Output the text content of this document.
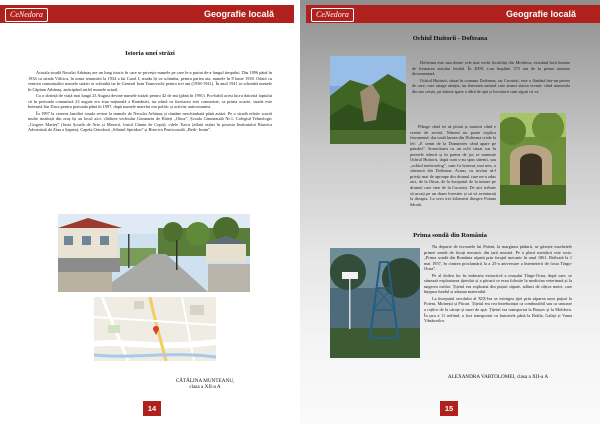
CeNedora	Geografie locală
Istoria unei străzi

Actuala stradă Neculai Arbănaș are un lung istoric în care se privește numele pe care le-a purtat de-a lungul timpului. Din 1896 până în 1934 ca strada Vâlcica, în urma renumirii la 1934 a lui Carol I, strada îți va schimba, pentru partea aia, numele în 8 lunie 1930. Odată cu venirea comuniștilor numele străzii se schimbă iar în General Ioan Tarnovschi pentru trei ani (1938-1941). În anul 1941 se schimbă numele în Căpitan Arbănaș, anticipând astfel numele actual.

Ca o dorință de viață mai lungă 23 August devine numele străzii pentru 42 de ani (până în 1991). Pro-babil acest lucru datorită faptului că în perioada comunistă 23 august era ziua națională a României, iar odată cu încetarea erei comuniste, ca prima ocazie, strada este botezată Ion Duca pentru perioada până în 1997, după numele marelui om politic și activist anticomunist.

În 1997 la cererea familiei strada revine la numele de Neculai Arbănaș și rămâne neschimbată până astăzi. Pe o stradă relativ scurtă multe instituții din oraș își au locul aici: clădirea vechiului Gimnaziu de Băieți „Oituz”, Școala Gimnazială Nr.1, Colegiul Tehnologic „Grigore Marteș” (fosta Școală de Arte și Meserii, fostul Cămin de Copii), vilele Turcu (aflată astăzi în posesia Institutului Biserica Adventistă de Ziua a Șaptea), Capela Ortodoxă „Sfântul Spiridon” și Biserica Penticostală „Beth- Iesim”.

CĂTĂLINA MUNTEANU,
clasa a XII-a A
14
CeNedora	Geografie locală
Ochiul Huitorii - Dofteana

Dofteana este una dintre cele mai vechi localități din Moldova, existând încă înainte de formarea statului feudal. În 2009, s-au împlinit 573 ani de la prima atestare documentară.

Ochiul Huitorii, situat în comuna Dofteana, sat Cucuieți, este o fântână într-un perete de care, care atrage atenția, un fenomen natural care atunci starea vremii: când umezeala din aer crește, pe stâncă apare o dâră de apă și locuitorii sunt siguri că va

Plânge când iei să plouă și maiestr când e vreme de secetă. Nimeni nu poate explica fenomenul, dar toată lumea din Dofteana crede la fel: „E semn de la Dumnezeu când apare pe pământ”. Sonoritatea cu un ochi situat sus în peretele stâncii și în partea de jos se numește Ochiul Huitorii, după cum s-au spus sătenii, sau „ochiul meteorolog”, cum l-a botezat, mai nou, o săteancă din Dofteana. Acum, cu invitat să-l priviți mai de aproape din drumul care ne-a adus aici, de la Oituz, de la începutul de la intrare pe drumul care vine de la Cucuieți. De aici trebuie să urcați pe un drum forestier și să vă aventurați la dreapta. La vreo trei kilometri dinspre Poiana Sărată.

Prima sondă din România

Nu departe de izvoarele lui Poieni, la marginea pădurii, se găsește machetele primei sonde de forați mecanic din țară noastră. Pe o placă metalică este scris: „Prima sondă din România săpată prin forajul mecanic în anul 1861. Ridicată la 1 mai 1957, în cinstea proclamării la a 25-a aniversare a întemeierii de fosta Târgu-Ocna”.

Pe al doilea loc în industria extractivă a orașului Târgu-Ocna, după sare, se situează exploatarea țițeiului și a păcurii ce erau folosite la medicina veterinară și la ungerea osiilor. Țițeiul era exploatat din puțuri săpate, adânci de câțiva metri, care înțepau fundul și adunau materialul.

La începutul secolului al XIX-lea se extrăgea țiței prin săparea unor puțuri la Poieni, Moinești și Păcuri. Țițeiul era cea întrebuințat ca combustibil sau ca unsoare a roților de la căruțe și mori de apă. Țițeiul era transportat la Brașov și la Moldova. În țara a 11 nefiind, a fost transportat cu butoaiele până la Brăila, Galați și Vama Vânătorilor.

ALEXANDRA VARTOLOMEI, clasa a XII-a A
15
